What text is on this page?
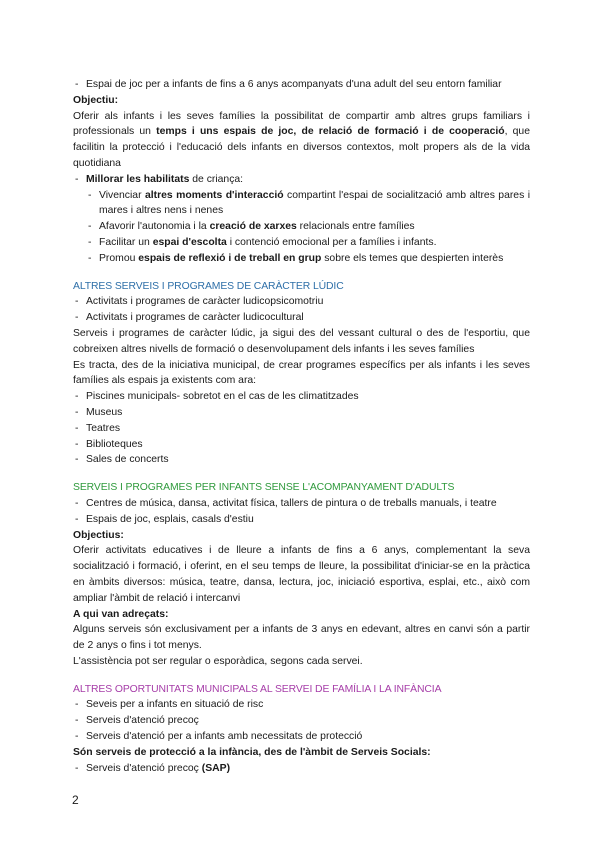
- Espai de joc per a infants de fins a 6 anys acompanyats d'una adult del seu entorn familiar

Objectiu:

Oferir als infants i les seves famílies la possibilitat de compartir amb altres grups familiars i professionals un temps i uns espais de joc, de relació de formació i de cooperació, que facilitin la protecció i l'educació dels infants en diversos contextos, molt propers als de la vida quotidiana

- Millorar les habilitats de criança:

- Vivenciar altres moments d'interacció compartint l'espai de socialització amb altres pares i mares i altres nens i nenes

- Afavorir l'autonomia i la creació de xarxes relacionals entre famílies

- Facilitar un espai d'escolta i contenció emocional per a famílies i infants.

- Promou espais de reflexió i de treball en grup sobre els temes que despierten interès

ALTRES SERVEIS I PROGRAMES DE CARÀCTER LÚDIC

- Activitats i programes de caràcter ludicopsicomotriu

- Activitats i programes de caràcter ludicocultural

Serveis i programes de caràcter lúdic, ja sigui des del vessant cultural o des de l'esportiu, que cobreixen altres nivells de formació o desenvolupament dels infants i les seves famílies

Es tracta, des de la iniciativa municipal, de crear programes específics per als infants i les seves famílies als espais ja existents com ara:

- Piscines municipals- sobretot en el cas de les climatitzades

- Museus

- Teatres

- Biblioteques

- Sales de concerts

SERVEIS I PROGRAMES PER INFANTS SENSE L'ACOMPANYAMENT D'ADULTS

- Centres de música, dansa, activitat física, tallers de pintura o de treballs manuals, i teatre

- Espais de joc, esplais, casals d'estiu

Objectius:

Oferir activitats educatives i de lleure a infants de fins a 6 anys, complementant la seva socialització i formació, i oferint, en el seu temps de lleure, la possibilitat d'iniciar-se en la pràctica en àmbits diversos: música, teatre, dansa, lectura, joc, iniciació esportiva, esplai, etc., això com ampliar l'àmbit de relació i intercanvi

A qui van adreçats:

Alguns serveis són exclusivament per a infants de 3 anys en edevant, altres en canvi són a partir de 2 anys o fins i tot menys.

L'assistència pot ser regular o esporàdica, segons cada servei.

ALTRES OPORTUNITATS MUNICIPALS AL SERVEI DE FAMÍLIA I LA INFÀNCIA

- Seveis per a infants en situació de risc

- Serveis d'atenció precoç

- Serveis d'atenció per a infants amb necessitats de protecció

Són serveis de protecció a la infància, des de l'àmbit de Serveis Socials:

- Serveis d'atenció precoç (SAP)

2
